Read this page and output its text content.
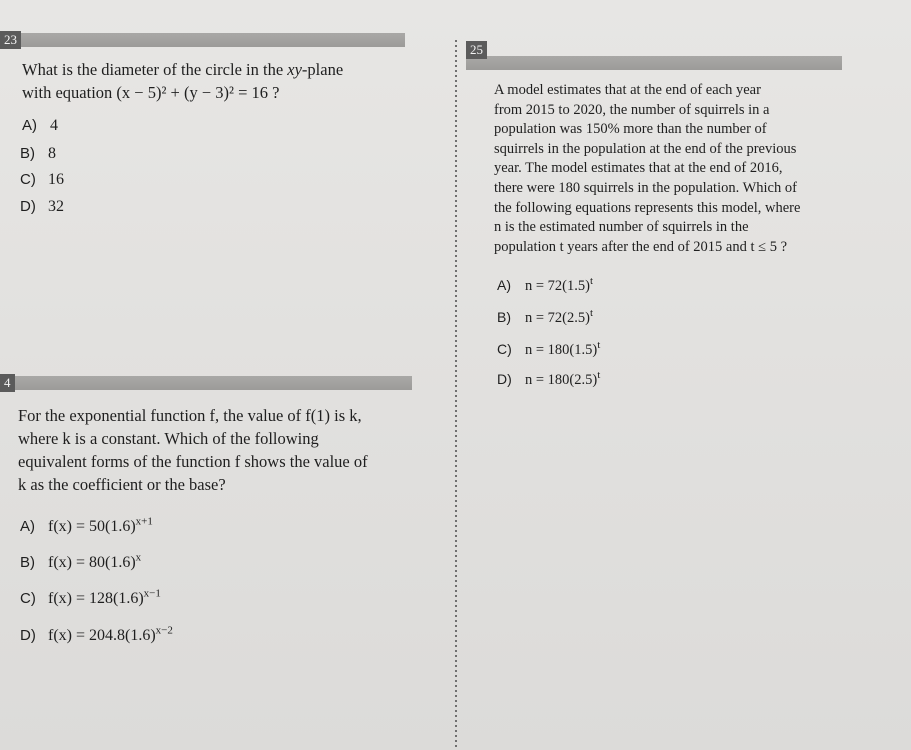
23
What is the diameter of the circle in the xy-plane
with equation (x − 5)² + (y − 3)² = 16 ?
A) 4
B) 8
C) 16
D) 32
4
For the exponential function f, the value of f(1) is k,
where k is a constant. Which of the following
equivalent forms of the function f shows the value of
k as the coefficient or the base?
A) $f(x) = 50(1.6)^{x+1}$
B) $f(x) = 80(1.6)^x$
C) $f(x) = 128(1.6)^{x-1}$
D) $f(x) = 204.8(1.6)^{x-2}$
25
A model estimates that at the end of each year
from 2015 to 2020, the number of squirrels in a
population was 150% more than the number of
squirrels in the population at the end of the previous
year. The model estimates that at the end of 2016,
there were 180 squirrels in the population. Which of
the following equations represents this model, where
n is the estimated number of squirrels in the
population t years after the end of 2015 and t ≤ 5 ?
A) $n = 72(1.5)^t$
B) $n = 72(2.5)^t$
C) $n = 180(1.5)^t$
D) $n = 180(2.5)^t$
